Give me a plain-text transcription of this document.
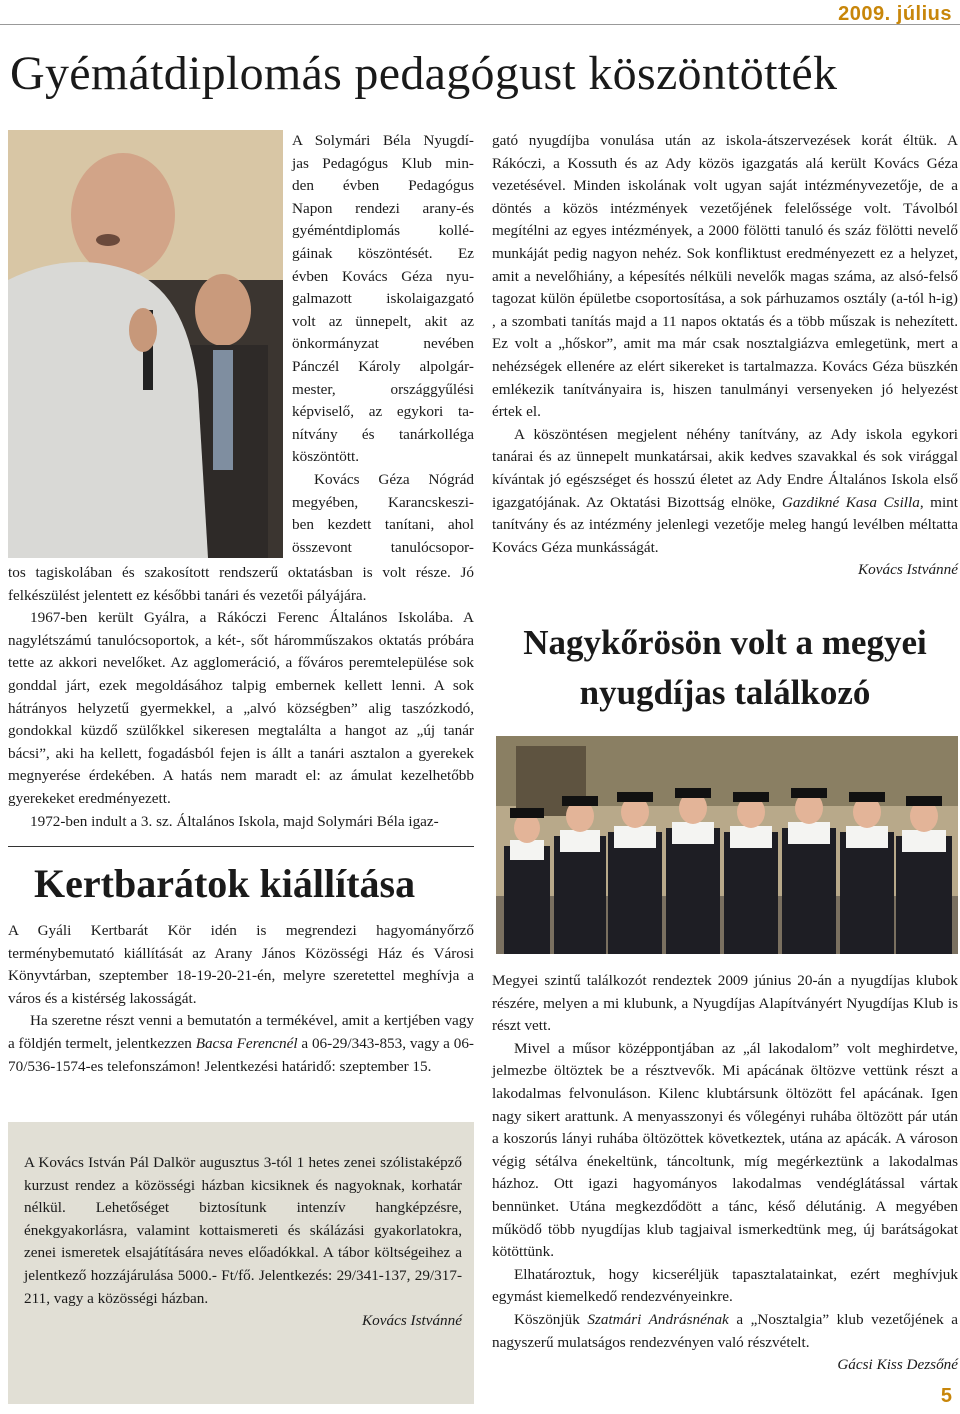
2009. július
Gyémátdiplomás pedagógust köszöntötték
A Solymári Béla Nyugdí-
jas Pedagógus Klub min-
den évben Pedagógus
Napon rendezi arany-és
gyéméntdiplomás kollé-
gáinak köszöntését. Ez
évben Kovács Géza nyu-
galmazott iskolaigazgató
volt az ünnepelt, akit az
önkormányzat nevében
Pánczél Károly alpolgár-
mester, országgyűlési
képviselő, az egykori ta-
nítvány és tanárkolléga
köszöntött.
Kovács Géza Nógrád
megyében, Karancskeszi-
ben kezdett tanítani, ahol
összevont tanulócsopor-

tos tagiskolában és szakosított rendszerű oktatásban is volt része. Jó felkészülést jelentett ez későbbi tanári és vezetői pályájára.

1967-ben került Gyálra, a Rákóczi Ferenc Általános Iskolába. A nagylétszámú tanulócsoportok, a két-, sőt háromműszakos oktatás próbára tette az akkori nevelőket. Az agglomeráció, a főváros peremtelepülése sok gonddal járt, ezek megoldásához talpig embernek kellett lenni. A sok hátrányos helyzetű gyermekkel, a „alvó községben” alig taszózkodó, gondokkal küzdő szülőkkel sikeresen megtalálta a hangot az „új tanár bácsi”, aki ha kellett, fogadásból fejen is állt a tanári asztalon a gyerekek megnyerése érdekében. A hatás nem maradt el: az ámulat kezelhetőbb gyerekeket eredményezett.

1972-ben indult a 3. sz. Általános Iskola, majd Solymári Béla igaz-

gató nyugdíjba vonulása után az iskola-átszervezések korát éltük. A Rákóczi, a Kossuth és az Ady közös igazgatás alá került Kovács Géza vezetésével. Minden iskolának volt ugyan saját intézményvezetője, de a döntés a közös intézmények vezetőjének felelőssége volt. Távolból megítélni az egyes intézmények, a 2000 fölötti tanuló és száz fölötti nevelő munkáját pedig nagyon nehéz. Sok konfliktust eredményezett ez a helyzet, amit a nevelőhiány, a képesítés nélküli nevelők magas száma, az alsó-felső tagozat külön épületbe csoportosítása, a sok párhuzamos osztály (a-tól h-ig) , a szombati tanítás majd a 11 napos oktatás és a több műszak is nehezített. Ez volt a „hőskor”, amit ma már csak nosztalgiázva emlegetünk, mert a nehézségek ellenére az elért sikereket is tartalmazza. Kovács Géza büszkén emlékezik tanítványaira is, hiszen tanulmányi versenyeken jó helyezést értek el.

A köszöntésen megjelent néhény tanítvány, az Ady iskola egykori tanárai és az ünnepelt munkatársai, akik kedves szavakkal és sok virággal kívántak jó egészséget és hosszú életet az Ady Endre Általános Iskola első igazgatójának. Az Oktatási Bizottság elnöke, Gazdikné Kasa Csilla, mint tanítvány és az intézmény jelenlegi vezetője meleg hangú levélben méltatta Kovács Géza munkásságát.

Kovács Istvánné

Kertbarátok kiállítása

A Gyáli Kertbarát Kör idén is megrendezi hagyományőrző terménybemutató kiállítását az Arany János Közösségi Ház és Városi Könyvtárban, szeptember 18-19-20-21-én, melyre szeretettel meghívja a város és a kistérség lakosságát.

Ha szeretne részt venni a bemutatón a termékével, amit a kertjében vagy a földjén termelt, jelentkezzen Bacsa Ferencnél a 06-29/343-853, vagy a 06-70/536-1574-es telefonszámon! Jelentkezési határidő: szeptember 15.

A Kovács István Pál Dalkör augusztus 3-tól 1 hetes zenei szólistaképző kurzust rendez a közösségi házban kicsiknek és nagyoknak, korhatár nélkül. Lehetőséget biztosítunk intenzív hangképzésre, énekgyakorlásra, valamint kottaismereti és skálázási gyakorlatokra, zenei ismeretek elsajátítására neves előadókkal. A tábor költségeihez a jelentkező hozzájárulása 5000.- Ft/fő. Jelentkezés: 29/341-137, 29/317-211, vagy a közösségi házban.

Kovács Istvánné

Nagykőrösön volt a megyei
nyugdíjas találkozó

Megyei szintű találkozót rendeztek 2009 június 20-án a nyugdíjas klubok részére, melyen a mi klubunk, a Nyugdíjas Alapítványért Nyugdíjas Klub is részt vett.

Mivel a műsor középpontjában az „ál lakodalom” volt meghirdetve, jelmezbe öltöztek be a résztvevők. Mi apácának öltözve vettünk részt a lakodalmas felvonuláson. Kilenc klubtársunk öltözött fel apácának. Igen nagy sikert arattunk. A menyasszonyi és vőlegényi ruhába öltözött pár után a koszorús lányi ruhába öltözöttek következtek, utána az apácák. A városon végig sétálva énekeltünk, táncoltunk, míg megérkeztünk a lakodalmas házhoz. Ott igazi hagyományos lakodalmas vendéglátással vártak bennünket. Utána megkezdődött a tánc, késő délutánig. A megyében működő több nyugdíjas klub tagjaival ismerkedtünk meg, új barátságokat kötöttünk.

Elhatároztuk, hogy kicseréljük tapasztalatainkat, ezért meghívjuk egymást kiemelkedő rendezvényeinkre.

Köszönjük Szatmári Andrásnénak a „Nosztalgia” klub vezetőjének a nagyszerű mulatságos rendezvényen való részvételt.

Gácsi Kiss Dezsőné

5
